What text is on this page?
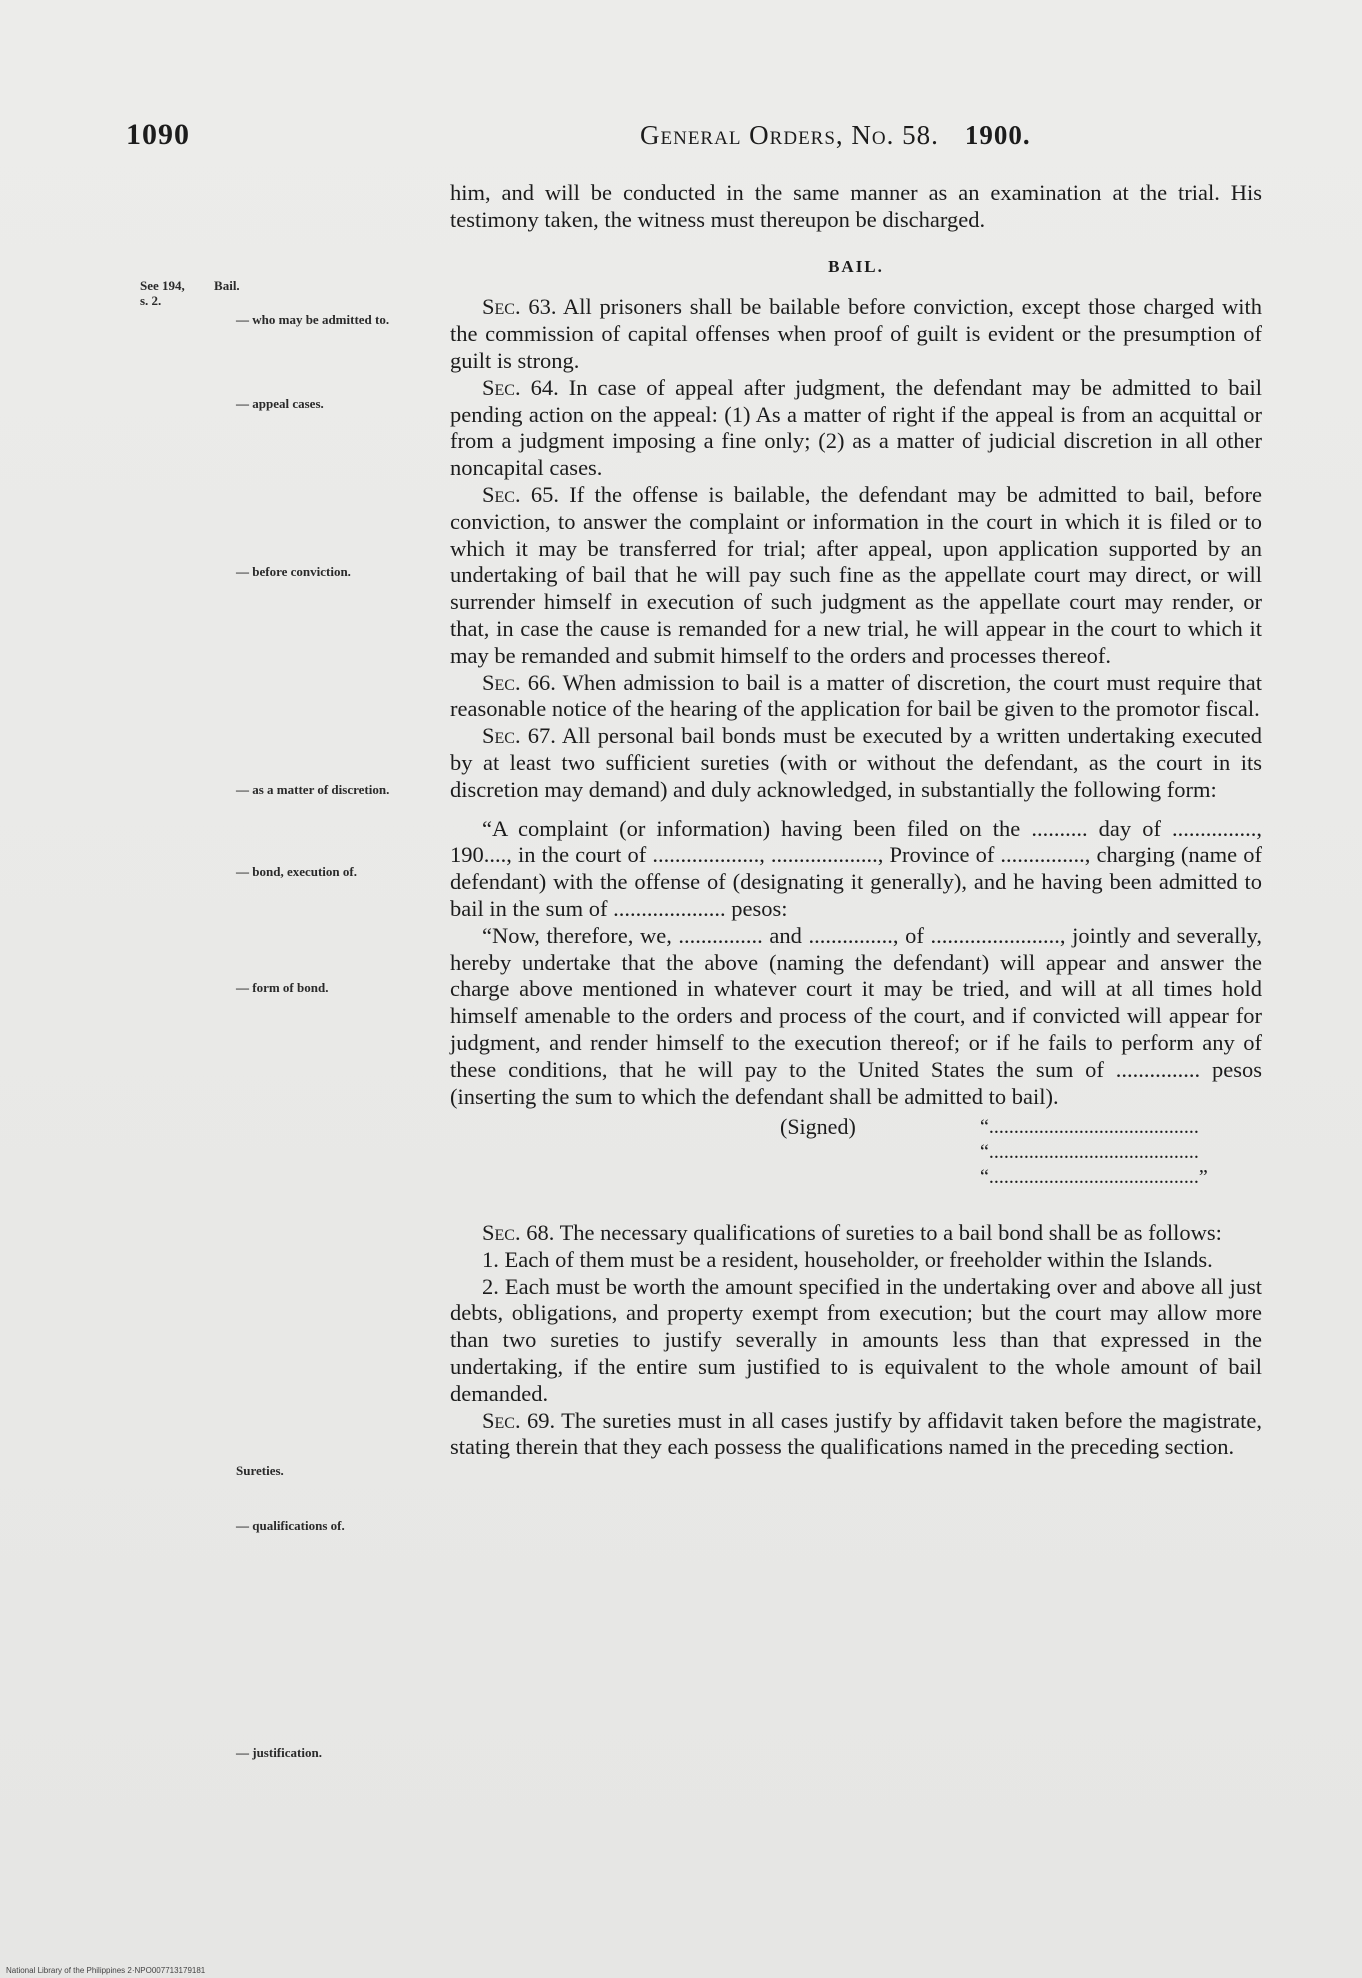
1090	General Orders, No. 58. 1900.
See 194, Bail.
s. 2.
— who may be admitted to.
— appeal cases.
— before conviction.
— as a matter of discretion.
— bond, execution of.
— form of bond.
Sureties.
— qualifications of.
— justification.

him, and will be conducted in the same manner as an examination at the trial. His testimony taken, the witness must thereupon be discharged.

BAIL.

Sec. 63. All prisoners shall be bailable before conviction, except those charged with the commission of capital offenses when proof of guilt is evident or the presumption of guilt is strong.

Sec. 64. In case of appeal after judgment, the defendant may be admitted to bail pending action on the appeal: (1) As a matter of right if the appeal is from an acquittal or from a judgment imposing a fine only; (2) as a matter of judicial discretion in all other noncapital cases.

Sec. 65. If the offense is bailable, the defendant may be admitted to bail, before conviction, to answer the complaint or information in the court in which it is filed or to which it may be transferred for trial; after appeal, upon application supported by an undertaking of bail that he will pay such fine as the appellate court may direct, or will surrender himself in execution of such judgment as the appellate court may render, or that, in case the cause is remanded for a new trial, he will appear in the court to which it may be remanded and submit himself to the orders and processes thereof.

Sec. 66. When admission to bail is a matter of discretion, the court must require that reasonable notice of the hearing of the application for bail be given to the promotor fiscal.

Sec. 67. All personal bail bonds must be executed by a written undertaking executed by at least two sufficient sureties (with or without the defendant, as the court in its discretion may demand) and duly acknowledged, in substantially the following form:

“A complaint (or information) having been filed on the .......... day of ..............., 190...., in the court of ..................., ..................., Province of ..............., charging (name of defendant) with the offense of (designating it generally), and he having been admitted to bail in the sum of .................... pesos:

“Now, therefore, we, ............... and ..............., of ......................., jointly and severally, hereby undertake that the above (naming the defendant) will appear and answer the charge above mentioned in whatever court it may be tried, and will at all times hold himself amenable to the orders and process of the court, and if convicted will appear for judgment, and render himself to the execution thereof; or if he fails to perform any of these conditions, that he will pay to the United States the sum of ............... pesos (inserting the sum to which the defendant shall be admitted to bail).

(Signed)	“..........................................
“..........................................
“..........................................”

Sec. 68. The necessary qualifications of sureties to a bail bond shall be as follows:

1. Each of them must be a resident, householder, or freeholder within the Islands.

2. Each must be worth the amount specified in the undertaking over and above all just debts, obligations, and property exempt from execution; but the court may allow more than two sureties to justify severally in amounts less than that expressed in the undertaking, if the entire sum justified to is equivalent to the whole amount of bail demanded.

Sec. 69. The sureties must in all cases justify by affidavit taken before the magistrate, stating therein that they each possess the qualifications named in the preceding section.

National Library of the Philippines 2·NPO007713179181
